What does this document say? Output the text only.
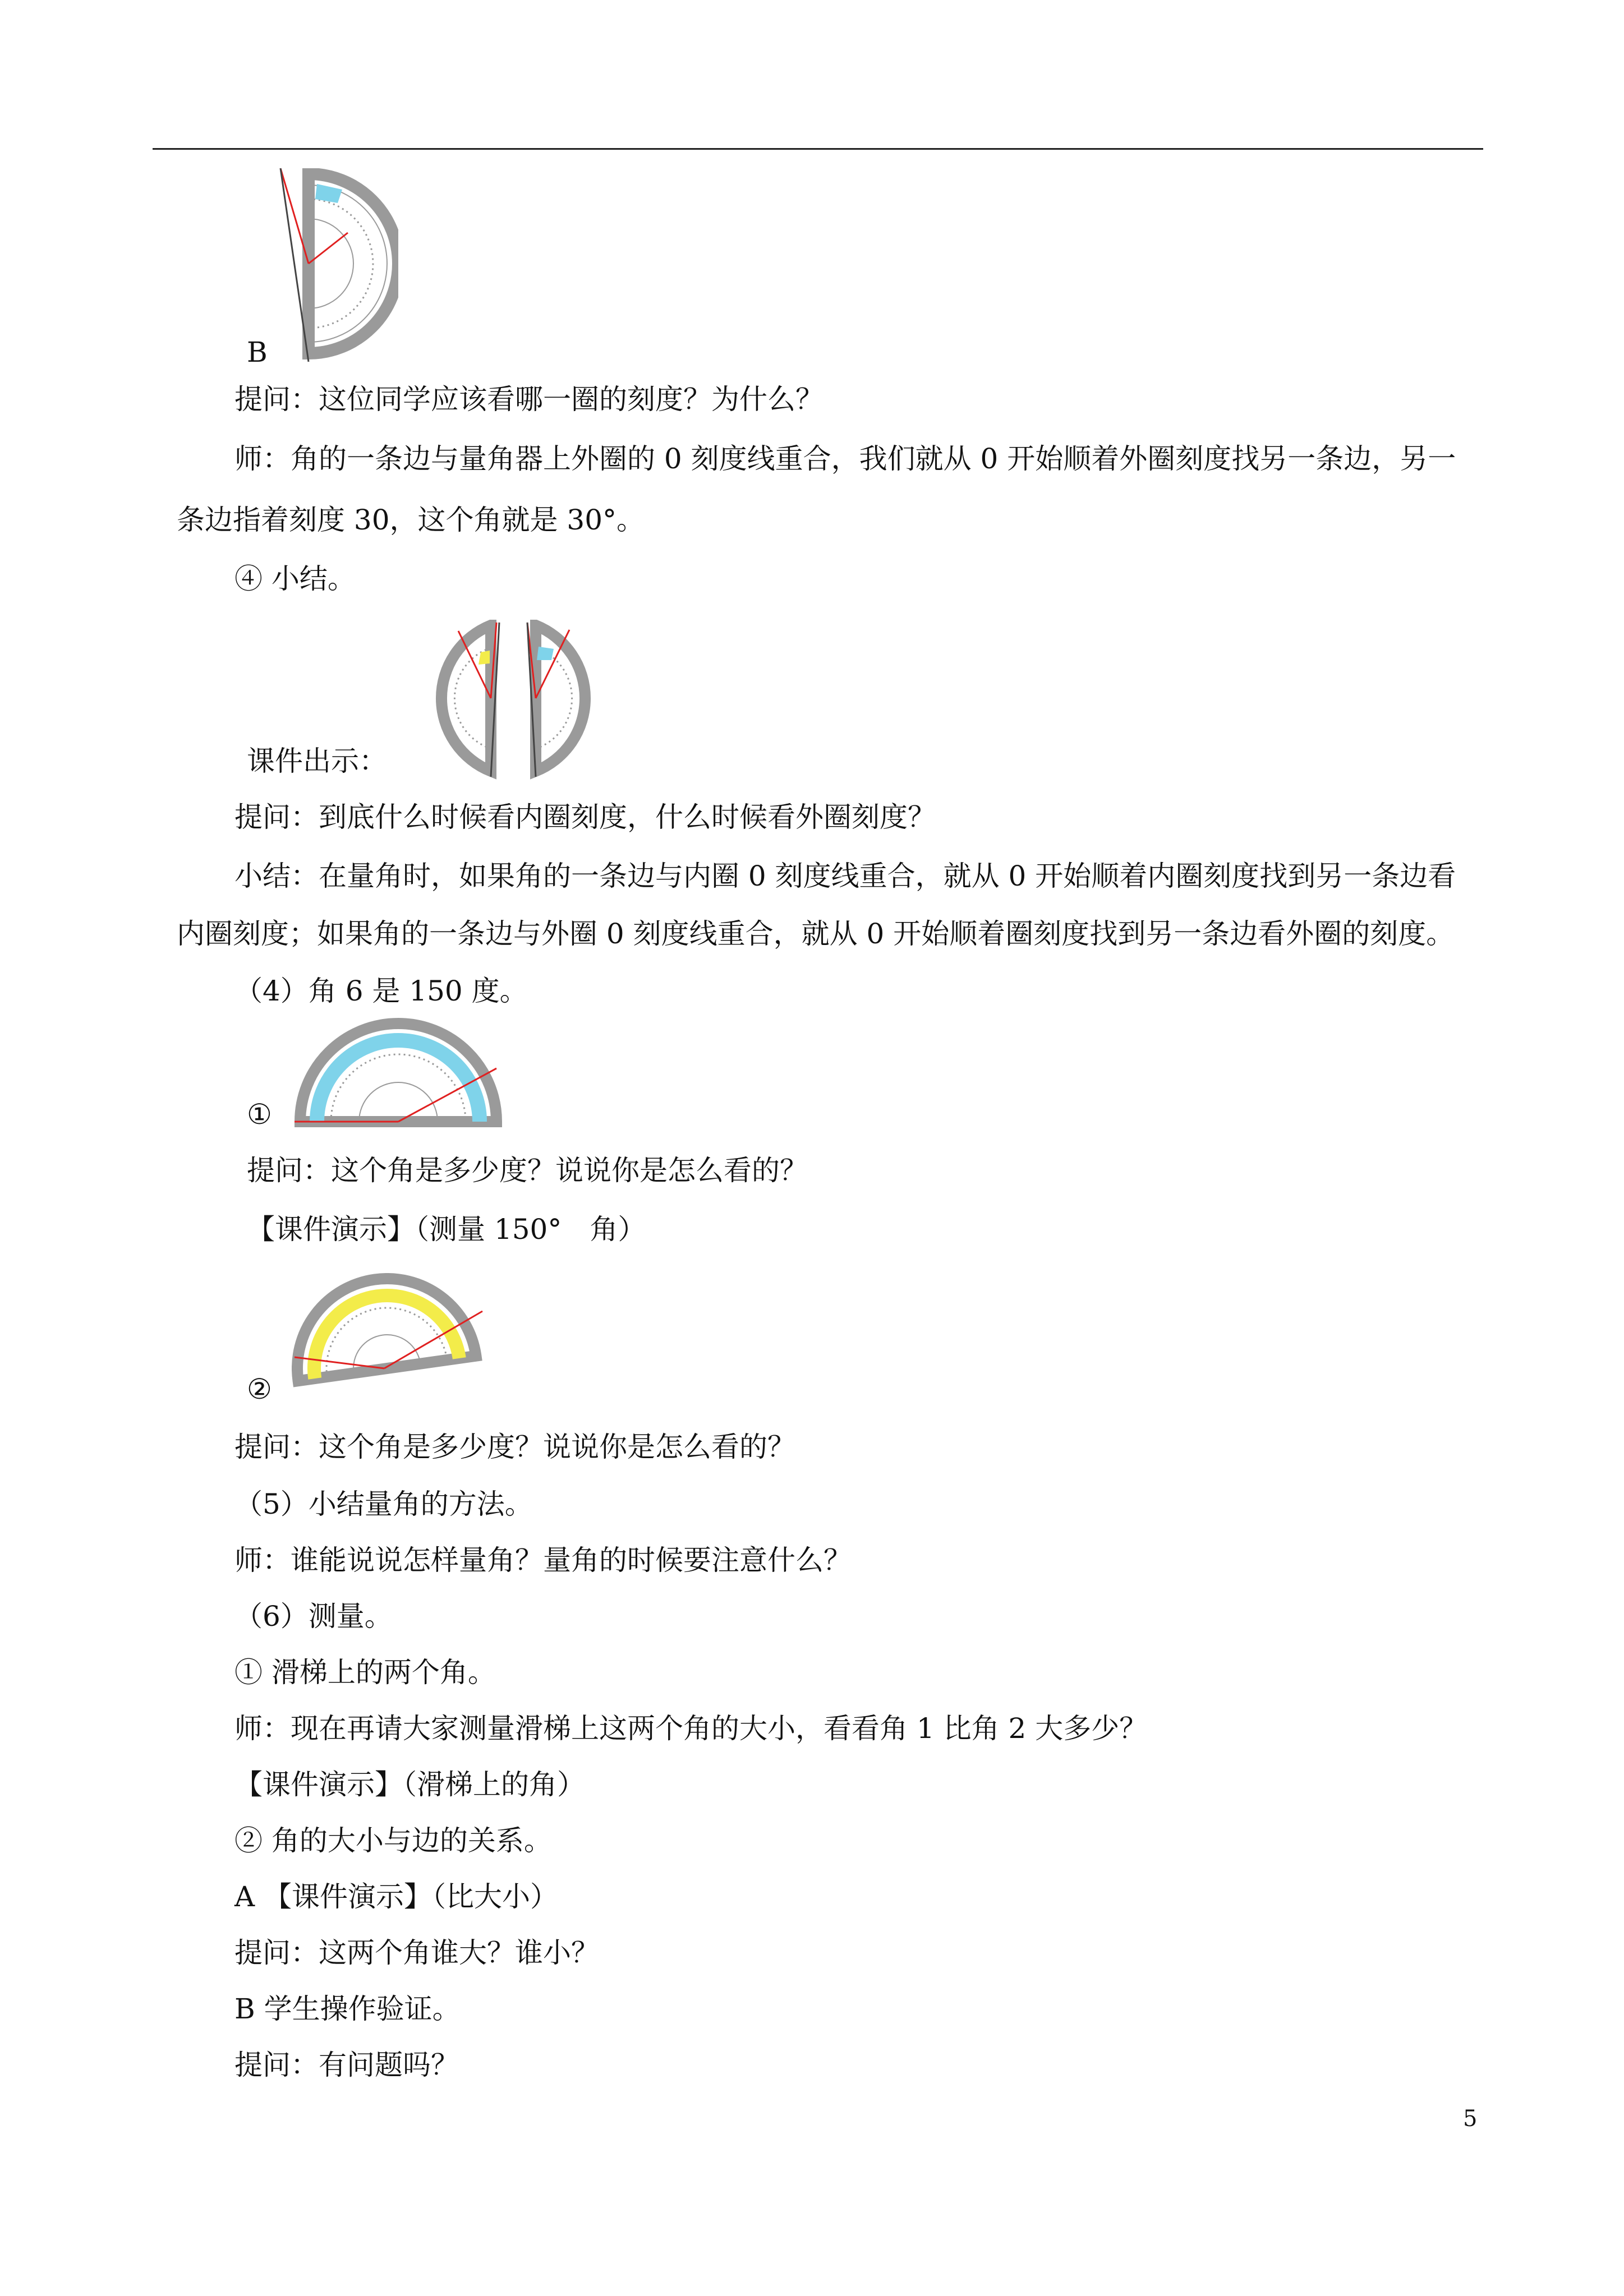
B
提问：这位同学应该看哪一圈的刻度？为什么？
师：角的一条边与量角器上外圈的 0 刻度线重合，我们就从 0 开始顺着外圈刻度找另一条边，另一
条边指着刻度 30，这个角就是 30°。
④ 小结。
课件出示：
提问：到底什么时候看内圈刻度，什么时候看外圈刻度？
小结：在量角时，如果角的一条边与内圈 0 刻度线重合，就从 0 开始顺着内圈刻度找到另一条边看
内圈刻度；如果角的一条边与外圈 0 刻度线重合，就从 0 开始顺着圈刻度找到另一条边看外圈的刻度。
（4）角 6 是 150 度。
①
提问：这个角是多少度？说说你是怎么看的？
【课件演示】（测量 150°　角）
②
提问：这个角是多少度？说说你是怎么看的？
（5）小结量角的方法。
师：谁能说说怎样量角？量角的时候要注意什么？
（6）测量。
① 滑梯上的两个角。
师：现在再请大家测量滑梯上这两个角的大小，看看角 1 比角 2 大多少？
【课件演示】（滑梯上的角）
② 角的大小与边的关系。
A 【课件演示】（比大小）
提问：这两个角谁大？谁小？
B 学生操作验证。
提问：有问题吗？
5
